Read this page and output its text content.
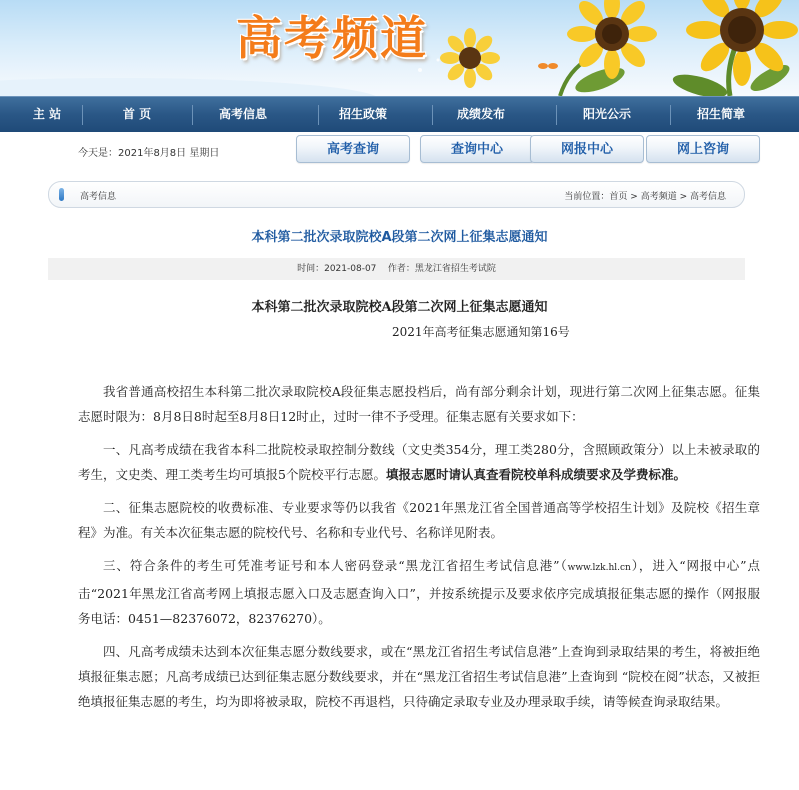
高考频道
主 站	首 页	高考信息	招生政策	成绩发布	阳光公示	招生简章
今天是：2021年8月8日 星期日	高考查询	查询中心	网报中心	网上咨询
高考信息	当前位置：首页 > 高考频道 > 高考信息
本科第二批次录取院校A段第二次网上征集志愿通知
时间：2021-08-07 作者：黑龙江省招生考试院
本科第二批次录取院校A段第二次网上征集志愿通知
2021年高考征集志愿通知第16号

我省普通高校招生本科第二批次录取院校A段征集志愿投档后，尚有部分剩余计划，现进行第二次网上征集志愿。征集志愿时限为：8月8日8时起至8月8日12时止，过时一律不予受理。征集志愿有关要求如下：

一、凡高考成绩在我省本科二批院校录取控制分数线（文史类354分，理工类280分，含照顾政策分）以上未被录取的考生，文史类、理工类考生均可填报5个院校平行志愿。填报志愿时请认真查看院校单科成绩要求及学费标准。

二、征集志愿院校的收费标准、专业要求等仍以我省《2021年黑龙江省全国普通高等学校招生计划》及院校《招生章程》为准。有关本次征集志愿的院校代号、名称和专业代号、名称详见附表。

三、符合条件的考生可凭准考证号和本人密码登录“黑龙江省招生考试信息港”（www.lzk.hl.cn），进入“网报中心”点击“2021年黑龙江省高考网上填报志愿入口及志愿查询入口”，并按系统提示及要求依序完成填报征集志愿的操作（网报服务电话：0451—82376072，82376270）。

四、凡高考成绩未达到本次征集志愿分数线要求，或在“黑龙江省招生考试信息港”上查询到录取结果的考生，将被拒绝填报征集志愿；凡高考成绩已达到征集志愿分数线要求，并在“黑龙江省招生考试信息港”上查询到 “院校在阅”状态，又被拒绝填报征集志愿的考生，均为即将被录取，院校不再退档，只待确定录取专业及办理录取手续，请等候查询录取结果。
